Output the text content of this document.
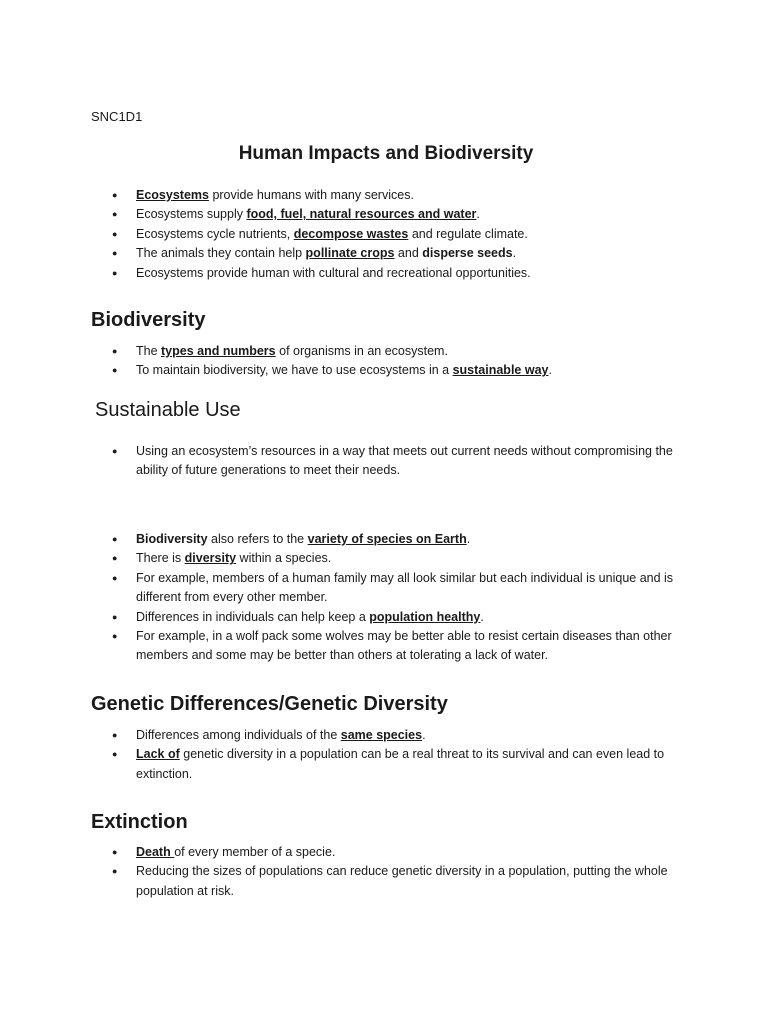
SNC1D1
Human Impacts and Biodiversity
● Ecosystems provide humans with many services.
● Ecosystems supply food, fuel, natural resources and water.
● Ecosystems cycle nutrients, decompose wastes and regulate climate.
● The animals they contain help pollinate crops and disperse seeds.
● Ecosystems provide human with cultural and recreational opportunities.
Biodiversity
● The types and numbers of organisms in an ecosystem.
● To maintain biodiversity, we have to use ecosystems in a sustainable way.
Sustainable Use
● Using an ecosystem’s resources in a way that meets out current needs without compromising the ability of future generations to meet their needs.
● Biodiversity also refers to the variety of species on Earth.
● There is diversity within a species.
● For example, members of a human family may all look similar but each individual is unique and is different from every other member.
● Differences in individuals can help keep a population healthy.
● For example, in a wolf pack some wolves may be better able to resist certain diseases than other members and some may be better than others at tolerating a lack of water.
Genetic Differences/Genetic Diversity
● Differences among individuals of the same species.
● Lack of genetic diversity in a population can be a real threat to its survival and can even lead to extinction.
Extinction
● Death of every member of a specie.
● Reducing the sizes of populations can reduce genetic diversity in a population, putting the whole population at risk.
